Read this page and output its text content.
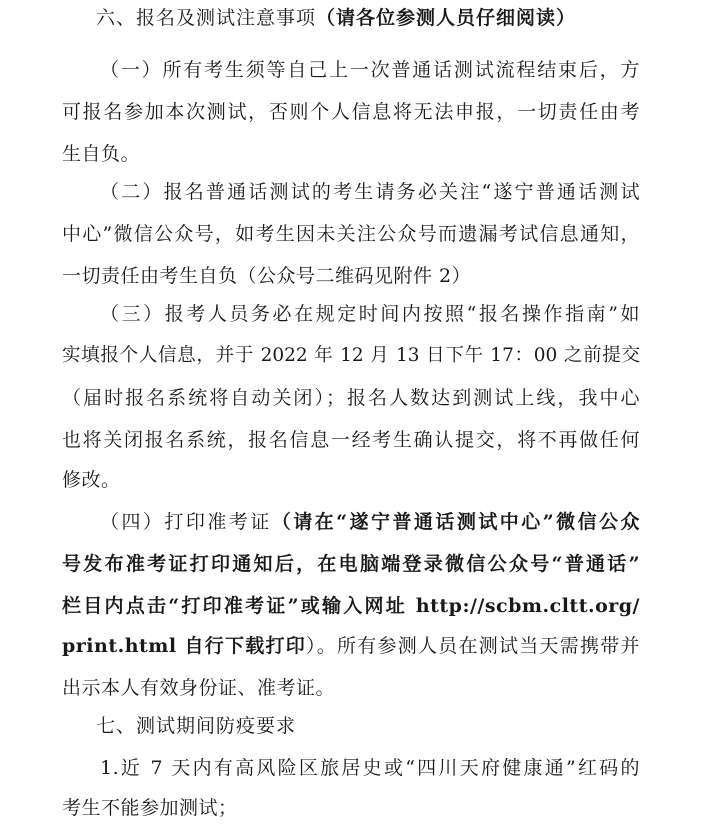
六、报名及测试注意事项（请各位参测人员仔细阅读）
（一）所有考生须等自己上一次普通话测试流程结束后，方
可报名参加本次测试，否则个人信息将无法申报，一切责任由考
生自负。
（二）报名普通话测试的考生请务必关注“遂宁普通话测试
中心”微信公众号，如考生因未关注公众号而遗漏考试信息通知，
一切责任由考生自负（公众号二维码见附件 2）
（三）报考人员务必在规定时间内按照“报名操作指南”如
实填报个人信息，并于 2022 年 12 月 13 日下午 17：00 之前提交
（届时报名系统将自动关闭）；报名人数达到测试上线，我中心
也将关闭报名系统，报名信息一经考生确认提交，将不再做任何
修改。
（四）打印准考证（请在“遂宁普通话测试中心”微信公众
号发布准考证打印通知后，在电脑端登录微信公众号“普通话”
栏目内点击“打印准考证”或输入网址 http://scbm.cltt.org/
print.html 自行下载打印）。所有参测人员在测试当天需携带并
出示本人有效身份证、准考证。
七、测试期间防疫要求
1.近 7 天内有高风险区旅居史或“四川天府健康通”红码的
考生不能参加测试；
